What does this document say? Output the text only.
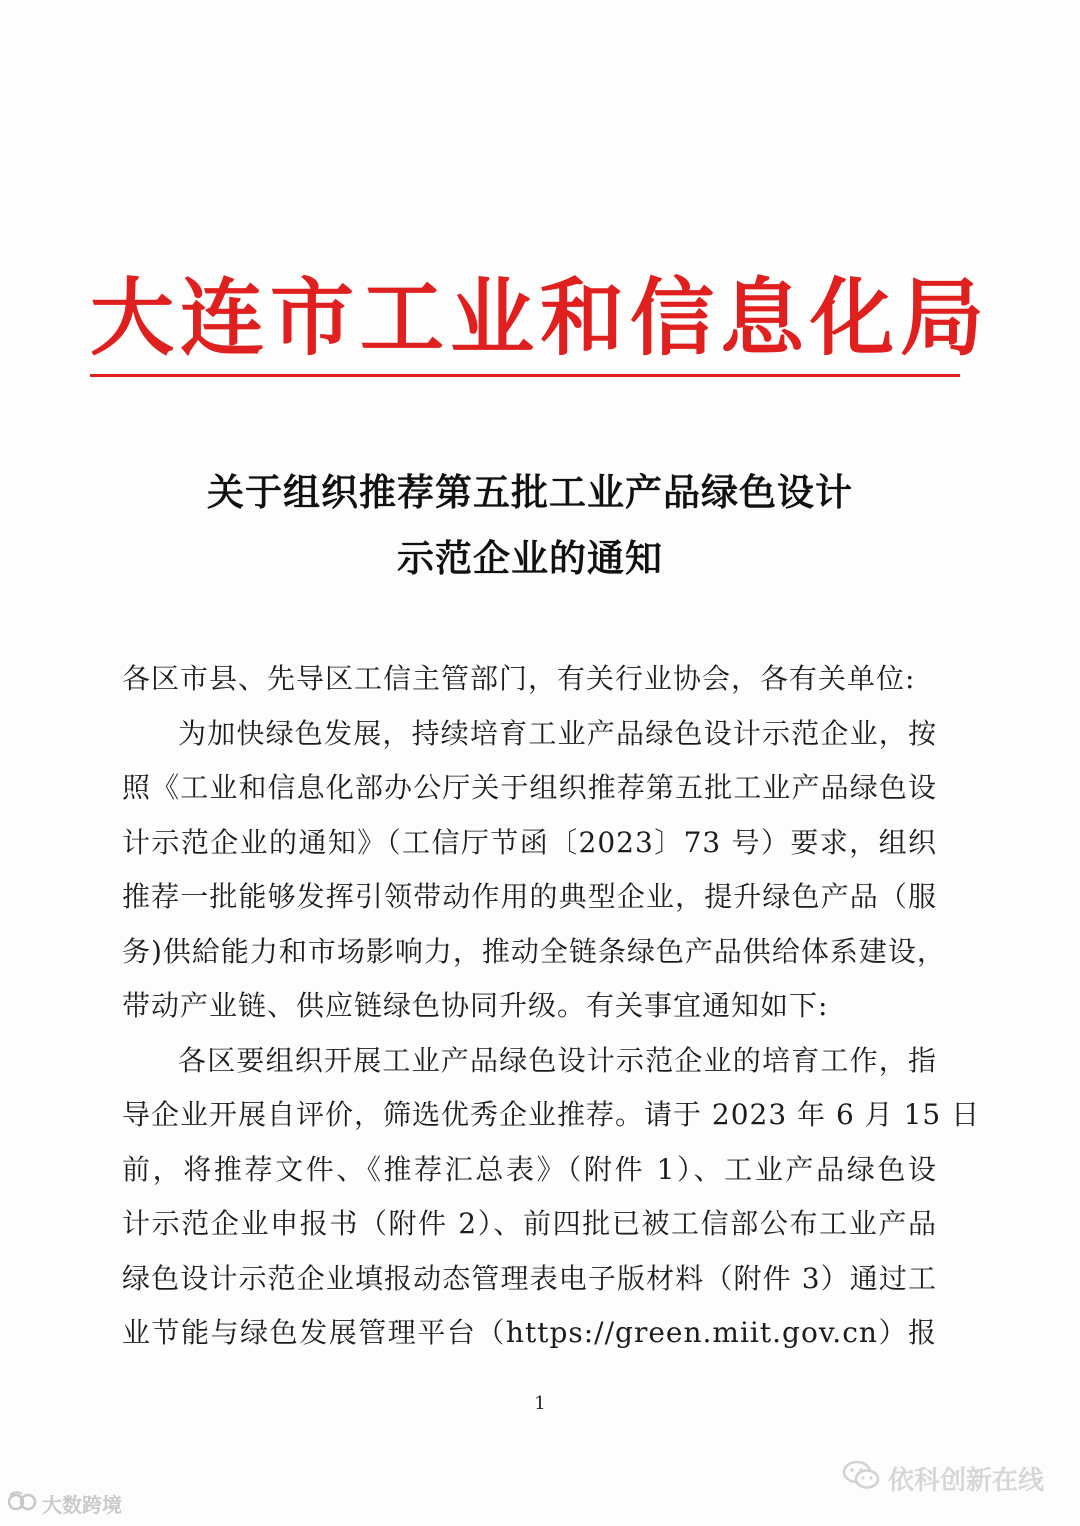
大连市工业和信息化局
关于组织推荐第五批工业产品绿色设计
示范企业的通知
各区市县、先导区工信主管部门，有关行业协会，各有关单位:
为加快绿色发展，持续培育工业产品绿色设计示范企业，按
照《工业和信息化部办公厅关于组织推荐第五批工业产品绿色设
计示范企业的通知》（工信厅节函〔2023〕73 号）要求，组织
推荐一批能够发挥引领带动作用的典型企业，提升绿色产品（服
务)供給能力和市场影响力，推动全链条绿色产品供给体系建设，
带动产业链、供应链绿色协同升级。有关事宜通知如下:
各区要组织开展工业产品绿色设计示范企业的培育工作，指
导企业开展自评价，筛选优秀企业推荐。请于 2023 年 6 月 15 日
前，将推荐文件、《推荐汇总表》（附件 1）、工业产品绿色设
计示范企业申报书（附件 2）、前四批已被工信部公布工业产品
绿色设计示范企业填报动态管理表电子版材料（附件 3）通过工
业节能与绿色发展管理平台（https://green.miit.gov.cn）报
1
大数跨境
依科创新在线
